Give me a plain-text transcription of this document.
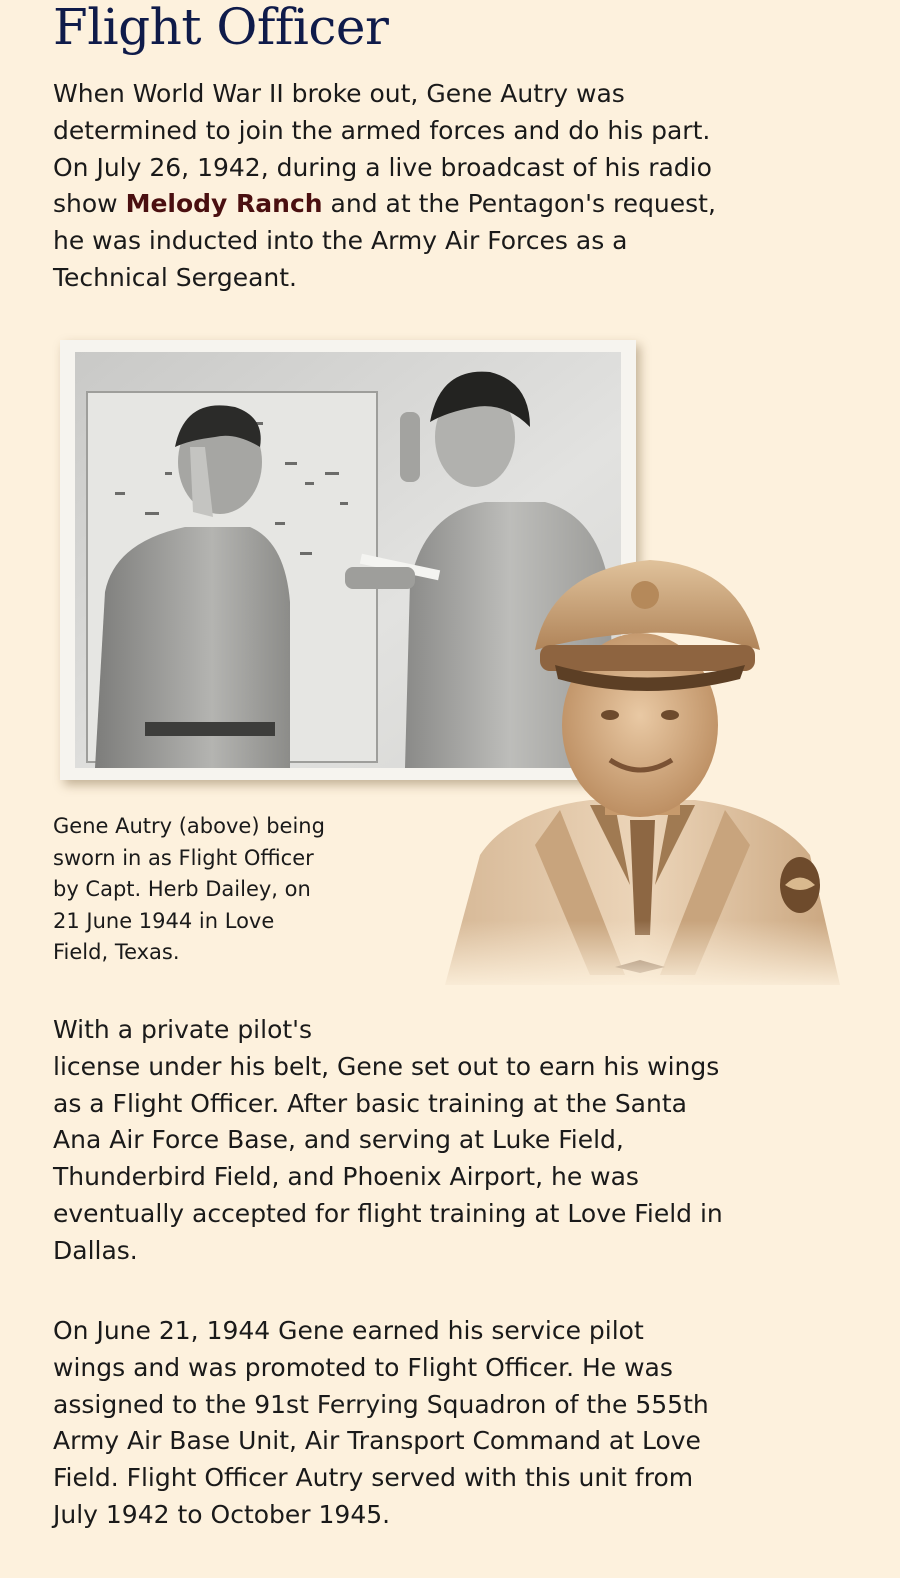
Flight Officer

When World War II broke out, Gene Autry was
determined to join the armed forces and do his part.
On July 26, 1942, during a live broadcast of his radio
show Melody Ranch and at the Pentagon's request,
he was inducted into the Army Air Forces as a
Technical Sergeant.

Gene Autry (above) being
sworn in as Flight Officer
by Capt. Herb Dailey, on
21 June 1944 in Love
Field, Texas.

With a private pilot's
license under his belt, Gene set out to earn his wings
as a Flight Officer. After basic training at the Santa
Ana Air Force Base, and serving at Luke Field,
Thunderbird Field, and Phoenix Airport, he was
eventually accepted for flight training at Love Field in
Dallas.

On June 21, 1944 Gene earned his service pilot
wings and was promoted to Flight Officer. He was
assigned to the 91st Ferrying Squadron of the 555th
Army Air Base Unit, Air Transport Command at Love
Field. Flight Officer Autry served with this unit from
July 1942 to October 1945.
